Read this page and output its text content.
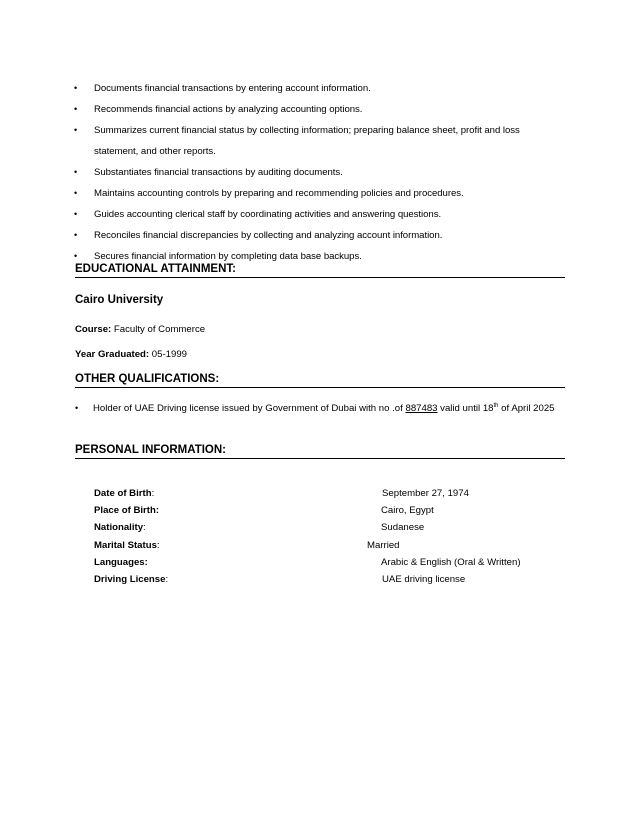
• Documents financial transactions by entering account information.
• Recommends financial actions by analyzing accounting options.
• Summarizes current financial status by collecting information; preparing balance sheet, profit and loss
statement, and other reports.
• Substantiates financial transactions by auditing documents.
• Maintains accounting controls by preparing and recommending policies and procedures.
• Guides accounting clerical staff by coordinating activities and answering questions.
• Reconciles financial discrepancies by collecting and analyzing account information.
• Secures financial information by completing data base backups.
EDUCATIONAL ATTAINMENT:
Cairo University
Course: Faculty of Commerce
Year Graduated: 05-1999
OTHER QUALIFICATIONS:
• Holder of UAE Driving license issued by Government of Dubai with no .of 887483 valid until 18th of April 2025
PERSONAL INFORMATION:
Date of Birth:	September 27, 1974
Place of Birth:	Cairo, Egypt
Nationality:	Sudanese
Marital Status:	Married
Languages:	Arabic & English (Oral & Written)
Driving License:	UAE driving license
